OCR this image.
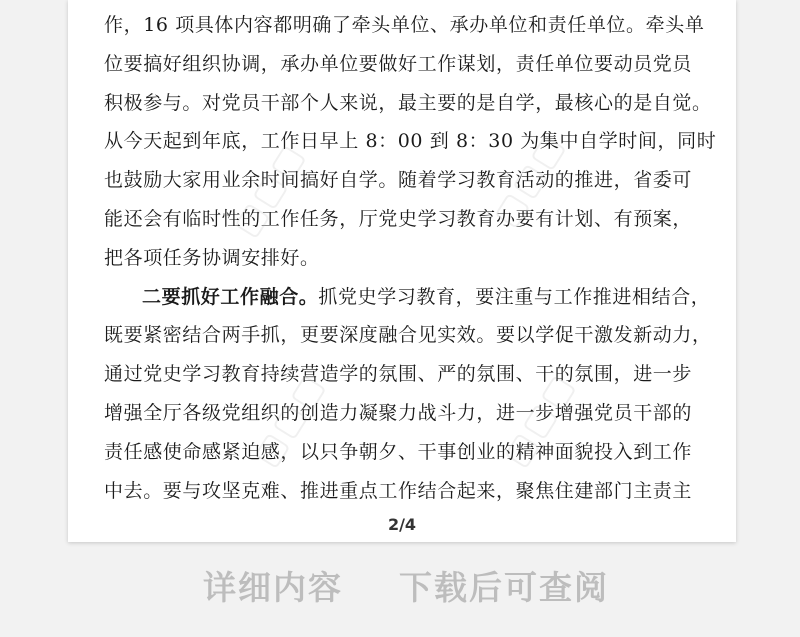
作，16 项具体内容都明确了牵头单位、承办单位和责任单位。牵头单
位要搞好组织协调，承办单位要做好工作谋划，责任单位要动员党员
积极参与。对党员干部个人来说，最主要的是自学，最核心的是自觉。
从今天起到年底，工作日早上 8：00 到 8：30 为集中自学时间，同时
也鼓励大家用业余时间搞好自学。随着学习教育活动的推进，省委可
能还会有临时性的工作任务，厅党史学习教育办要有计划、有预案，
把各项任务协调安排好。
二要抓好工作融合。抓党史学习教育，要注重与工作推进相结合，
既要紧密结合两手抓，更要深度融合见实效。要以学促干激发新动力，
通过党史学习教育持续营造学的氛围、严的氛围、干的氛围，进一步
增强全厅各级党组织的创造力凝聚力战斗力，进一步增强党员干部的
责任感使命感紧迫感，以只争朝夕、干事创业的精神面貌投入到工作
中去。要与攻坚克难、推进重点工作结合起来，聚焦住建部门主责主
▢▢▢	▢▢▢
▢▢▢	▢▢▢
2/4
详细内容 下载后可查阅
